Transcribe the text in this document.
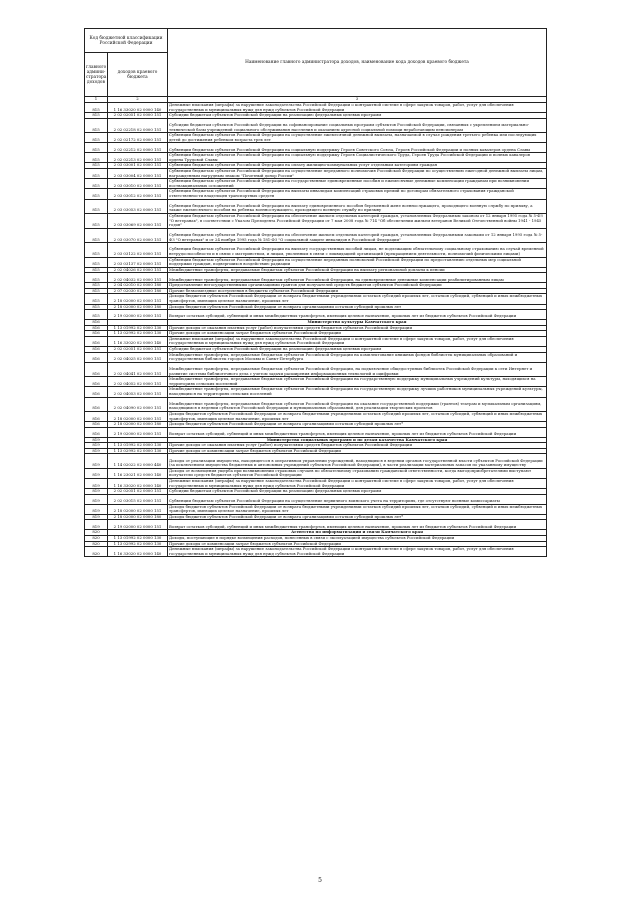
Код бюджетной классификации Российской Федерации		Наименование главного администратора доходов, наименование кода доходов краевого бюджета
главного админи-стратора доходов	доходов краевого бюджета	
1	2	3
815	1 16 33020 02 0000 140	Денежные взыскания (штрафы) за нарушение законодательства Российской Федерации о контрактной системе в сфере закупок товаров, работ, услуг для обеспечения государственных и муниципальных нужд для нужд субъектов Российской Федерации
815	2 02 02051 02 0000 151	Субсидии бюджетам субъектов Российской Федерации на реализацию федеральных целевых программ
815	2 02 02218 02 0000 151	Субсидии бюджетам субъектов Российской Федерации на софинансирование социальных программ субъектов Российской Федерации, связанных с укреплением материально-технической базы учреждений социального обслуживания населения и оказанием адресной социальной помощи неработающим пенсионерам
815	2 02 02172 02 0000 151	Субвенции бюджетам субъектов Российской Федерации на осуществление ежемесячной денежной выплаты, назначаемой в случае рождения третьего ребенка или последующих детей до достижения ребенком возраста трех лет
815	2 02 02212 02 0000 151	Субвенции бюджетам субъектов Российской Федерации на социальную поддержку Героев Советского Союза, Героев Российской Федерации и полных кавалеров ордена Славы
815	2 02 02213 02 0000 151	Субвенции бюджетам субъектов Российской Федерации на социальную поддержку Героев Социалистического Труда, Героев Труда Российской Федерации и полных кавалеров ордена Трудовой Славы
815	2 03 03001 02 0000 151	Субвенции бюджетам субъектов Российской Федерации на оплату жилищно-коммунальных услуг отдельным категориям граждан
815	2 03 03004 02 0000 151	Субвенции бюджетам субъектов Российской Федерации на осуществление переданного полномочия Российской Федерации по осуществлению ежегодной денежной выплаты лицам, награжденным нагрудным знаком "Почетный донор России"
815	2 03 03010 02 0000 151	Субвенции бюджетам субъектов Российской Федерации на государственные единовременные пособия и ежемесячные денежные компенсации гражданам при возникновении поствакцинальных осложнений
815	2 03 03012 02 0000 151	Субвенции бюджетам субъектов Российской Федерации на выплаты инвалидам компенсаций страховых премий по договорам обязательного страхования гражданской ответственности владельцев транспортных средств
815	2 03 03053 02 0000 151	Субвенции бюджетам субъектов Российской Федерации на выплату единовременного пособия беременной жене военнослужащего, проходящего военную службу по призыву, а также ежемесячного пособия на ребенка военнослужащего, проходящего военную службу по призыву
815	2 03 03069 02 0000 151	Субвенции бюджетам субъектов Российской Федерации на обеспечение жильем отдельных категорий граждан, установленных Федеральным законом от 12 января 1995 года № 5-ФЗ "О ветеранах", в соответствии с Указом Президента Российской Федерации от 7 мая 2008 года № 714 "Об обеспечении жильем ветеранов Великой Отечественной войны 1941 - 1945 годов"
815	2 03 03070 02 0000 151	Субвенции бюджетам субъектов Российской Федерации на обеспечение жильем отдельных категорий граждан, установленных Федеральными законами от 12 января 1995 года № 5-ФЗ "О ветеранах" и от 24 ноября 1995 года № 181-ФЗ "О социальной защите инвалидов в Российской Федерации"
815	2 03 03122 02 0000 151	Субвенции бюджетам субъектов Российской Федерации на выплату государственных пособий лицам, не подлежащим обязательному социальному страхованию на случай временной нетрудоспособности и в связи с материнством, и лицам, уволенным в связи с ликвидацией организаций (прекращением деятельности, полномочий физическими лицами)
815	2 03 03137 02 0000 151	Субвенции бюджетам субъектов Российской Федерации на осуществление переданных полномочий Российской Федерации по предоставлению отдельных мер социальной поддержки граждан, подвергшихся воздействию радиации
815	2 02 04026 02 0000 151	Межбюджетные трансферты, передаваемые бюджетам субъектов Российской Федерации на выплату региональной доплаты к пенсии
815	2 02 04032 02 0000 151	Межбюджетные трансферты, передаваемые бюджетам субъектов Российской Федерации, на единовременные денежные компенсации реабилитированным лицам
815	2 04 02010 02 0000 180	Предоставление негосударственными организациями грантов для получателей средств бюджетов субъектов Российской Федерации
815	2 07 02030 02 0000 180	Прочие безвозмездные поступления в бюджеты субъектов Российской Федерации
815	2 18 02000 02 0000 151	Доходы бюджетов субъектов Российской Федерации от возврата бюджетными учреждениями остатков субсидий прошлых лет, остатков субсидий, субвенций и иных межбюджетных трансфертов, имеющих целевое назначение, прошлых лет
815	2 18 02000 02 0000 180	Доходы бюджетов субъектов Российской Федерации от возврата организациями остатков субсидий прошлых лет
815	2 19 02000 02 0000 151	Возврат остатков субсидий, субвенций и иных межбюджетных трансфертов, имеющих целевое назначение, прошлых лет из бюджетов субъектов Российской Федерации
816		Министерство культуры Камчатского края
816	1 13 01992 02 0000 130	Прочие доходы от оказания платных услуг (работ) получателями средств бюджетов субъектов Российской Федерации
816	1 13 02992 02 0000 130	Прочие доходы от компенсации затрат бюджетов субъектов Российской Федерации
816	1 16 33020 02 0000 140	Денежные взыскания (штрафы) за нарушение законодательства Российской Федерации о контрактной системе в сфере закупок товаров, работ, услуг для обеспечения государственных и муниципальных нужд для нужд субъектов Российской Федерации
816	2 02 02051 02 0000 151	Субсидии бюджетам субъектов Российской Федерации на реализацию федеральных целевых программ
816	2 02 04025 02 0000 151	Межбюджетные трансферты, передаваемые бюджетам субъектов Российской Федерации на комплектование книжных фондов библиотек муниципальных образований и государственных библиотек городов Москвы и Санкт-Петербурга
816	2 02 04041 02 0000 151	Межбюджетные трансферты, передаваемые бюджетам субъектов Российской Федерации, на подключение общедоступных библиотек Российской Федерации к сети Интернет и развитие системы библиотечного дела с учетом задачи расширения информационных технологий и оцифровки
816	2 02 04052 02 0000 151	Межбюджетные трансферты, передаваемые бюджетам субъектов Российской Федерации на государственную поддержку муниципальных учреждений культуры, находящихся на территориях сельских поселений
816	2 02 04053 02 0000 151	Межбюджетные трансферты, передаваемые бюджетам субъектов Российской Федерации на государственную поддержку лучших работников муниципальных учреждений культуры, находящихся на территориях сельских поселений
816	2 02 04090 02 0000 151	Межбюджетные трансферты, передаваемые бюджетам субъектов Российской Федерации на оказание государственной поддержки (грантов) театрам и музыкальным организациям, находящимся в ведении субъектов Российской Федерации и муниципальных образований, для реализации творческих проектов
816	2 18 02000 02 0000 151	Доходы бюджетов субъектов Российской Федерации от возврата бюджетными учреждениями остатков субсидий прошлых лет, остатков субсидий, субвенций и иных межбюджетных трансфертов, имеющих целевое назначение, прошлых лет
816	2 18 02000 02 0000 180	Доходы бюджетов субъектов Российской Федерации от возврата организациями остатков субсидий прошлых лет*
816	2 19 02000 02 0000 151	Возврат остатков субсидий, субвенций и иных межбюджетных трансфертов, имеющих целевое назначение, прошлых лет из бюджетов субъектов Российской Федерации
819		Министерство социальных программ и по делам казачества Камчатского края
819	1 13 01992 02 0000 130	Прочие доходы от оказания платных услуг (работ) получателями средств бюджетов субъектов Российской Федерации
819	1 13 02992 02 0000 130	Прочие доходы от компенсации затрат бюджетов субъектов Российской Федерации
819	1 14 02022 02 0000 440	Доходы от реализации имущества, находящегося в оперативном управлении учреждений, находящихся в ведении органов государственной власти субъектов Российской Федерации (за исключением имущества бюджетных и автономных учреждений субъектов Российской Федерации), в части реализации материальных запасов по указанному имуществу
819	1 16 23021 02 0000 140	Доходы от возмещения ущерба при возникновении страховых случаев по обязательному страхованию гражданской ответственности, когда выгодоприобретателями выступают получатели средств бюджетов субъектов Российской Федерации
819	1 16 33020 02 0000 140	Денежные взыскания (штрафы) за нарушение законодательства Российской Федерации о контрактной системе в сфере закупок товаров, работ, услуг для обеспечения государственных и муниципальных нужд для нужд субъектов Российской Федерации
819	2 02 02051 02 0000 151	Субсидии бюджетам субъектов Российской Федерации на реализацию федеральных целевых программ
819	2 02 03015 02 0000 151	Субвенции бюджетам субъектов Российской Федерации на осуществление первичного воинского учета на территориях, где отсутствуют военные комиссариаты
819	2 18 02000 02 0000 151	Доходы бюджетов субъектов Российской Федерации от возврата бюджетными учреждениями остатков субсидий прошлых лет, остатков субсидий, субвенций и иных межбюджетных трансфертов, имеющих целевое назначение, прошлых лет
819	2 18 02000 02 0000 180	Доходы бюджетов субъектов Российской Федерации от возврата организациями остатков субсидий прошлых лет*
819	2 19 02000 02 0000 151	Возврат остатков субсидий, субвенций и иных межбюджетных трансфертов, имеющих целевое назначение, прошлых лет из бюджетов субъектов Российской Федерации
820		Агентство по информатизации и связи Камчатского края
820	1 13 01992 02 0000 130	Доходы, поступающие в порядке возмещения расходов, понесенных в связи с эксплуатацией имущества субъектов Российской Федерации
820	1 13 02992 02 0000 130	Прочие доходы от компенсации затрат бюджетов субъектов Российской Федерации
820	1 16 33020 02 0000 140	Денежные взыскания (штрафы) за нарушение законодательства Российской Федерации о контрактной системе в сфере закупок товаров, работ, услуг для обеспечения государственных и муниципальных нужд для нужд субъектов Российской Федерации
5
